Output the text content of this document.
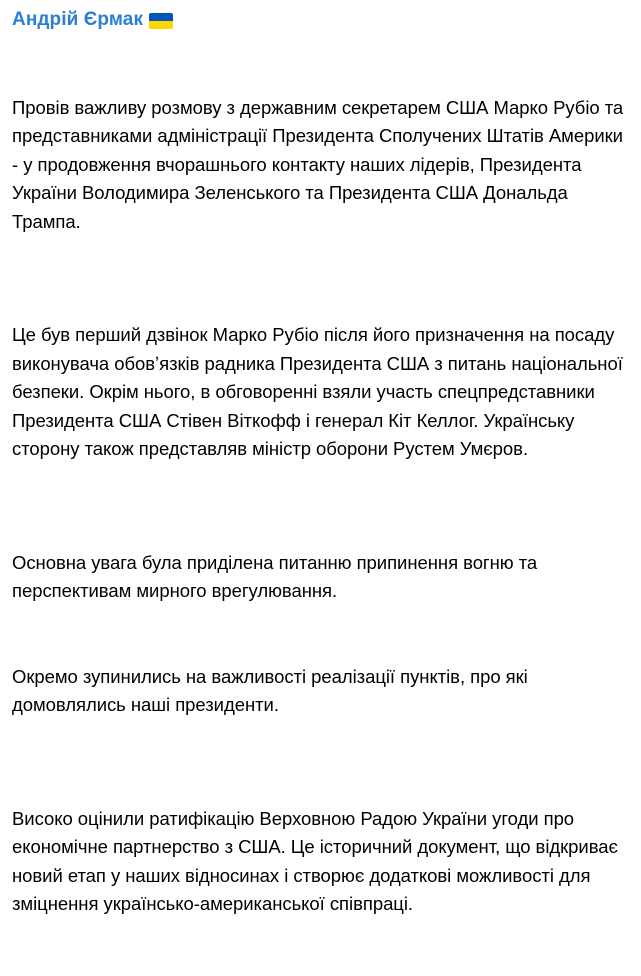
Андрій Єрмак

Провів важливу розмову з державним секретарем США Марко Рубіо та представниками адміністрації Президента Сполучених Штатів Америки - у продовження вчорашнього контакту наших лідерів, Президента України Володимира Зеленського та Президента США Дональда Трампа.

Це був перший дзвінок Марко Рубіо після його призначення на посаду виконувача обовʼязків радника Президента США з питань національної безпеки. Окрім нього, в обговоренні взяли участь спецпредставники Президента США Стівен Віткофф і генерал Кіт Келлог. Українську сторону також представляв міністр оборони Рустем Умєров.

Основна увага була приділена питанню припинення вогню та перспективам мирного врегулювання.

Окремо зупинились на важливості реалізації пунктів, про які домовлялись наші президенти.

Високо оцінили ратифікацію Верховною Радою України угоди про економічне партнерство з США. Це історичний документ, що відкриває новий етап у наших відносинах і створює додаткові можливості для зміцнення українсько-американської співпраці.
